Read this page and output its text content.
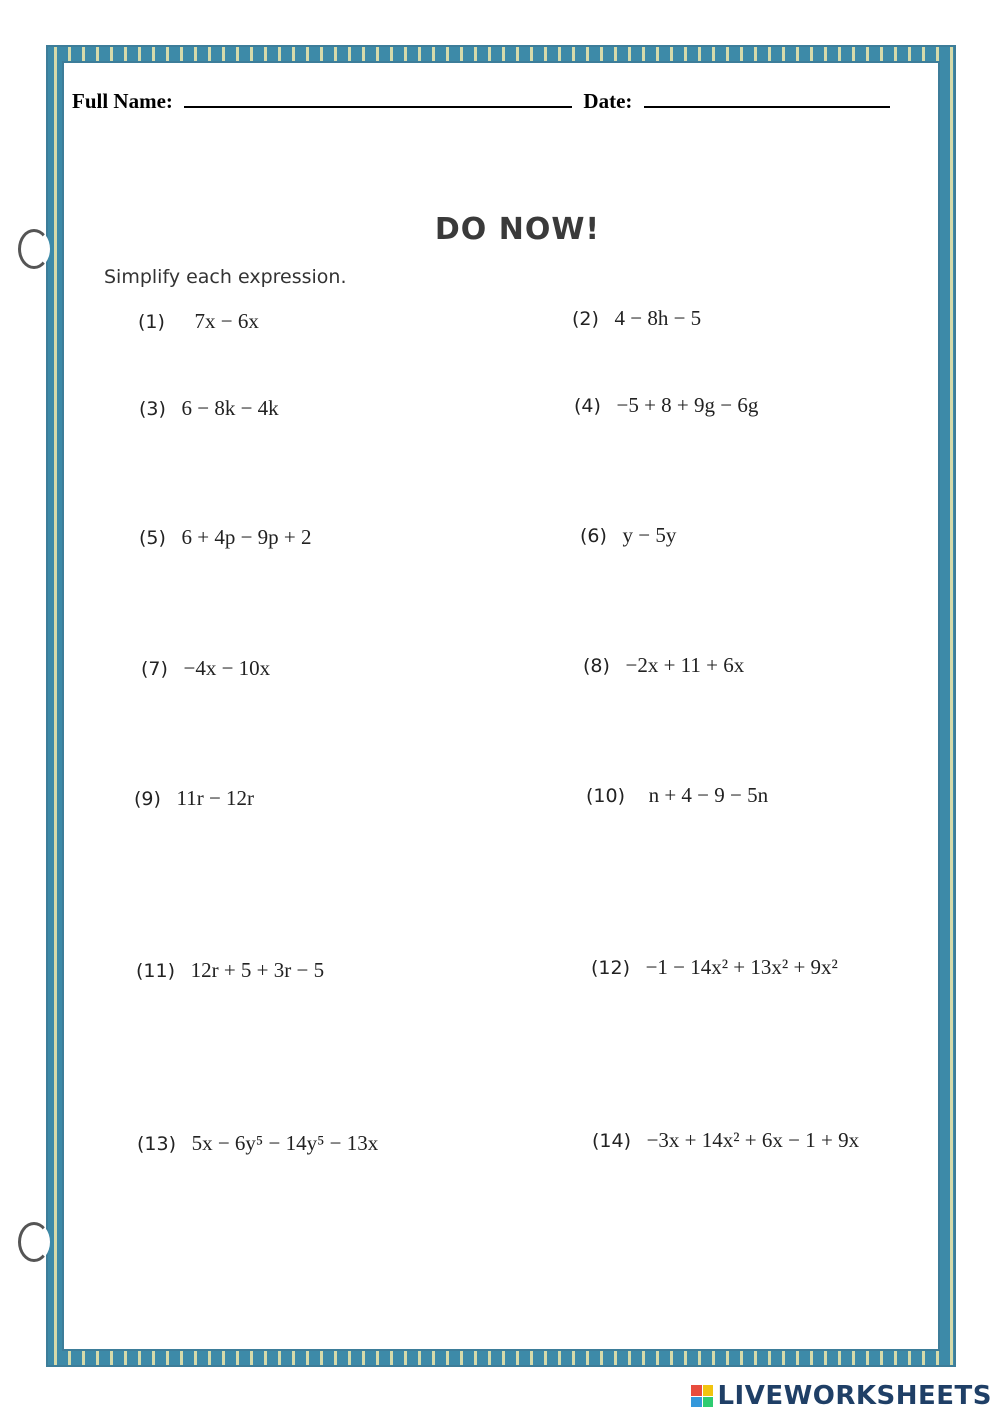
Full Name:	Date:
DO NOW!
Simplify each expression.
(1) 7x − 6x	(2) 4 − 8h − 5
(3) 6 − 8k − 4k	(4) −5 + 8 + 9g − 6g
(5) 6 + 4p − 9p + 2	(6) y − 5y
(7) −4x − 10x	(8) −2x + 11 + 6x
(9) 11r − 12r	(10) n + 4 − 9 − 5n
(11) 12r + 5 + 3r − 5	(12) −1 − 14x² + 13x² + 9x²
(13) 5x − 6y⁵ − 14y⁵ − 13x	(14) −3x + 14x² + 6x − 1 + 9x
LIVEWORKSHEETS
